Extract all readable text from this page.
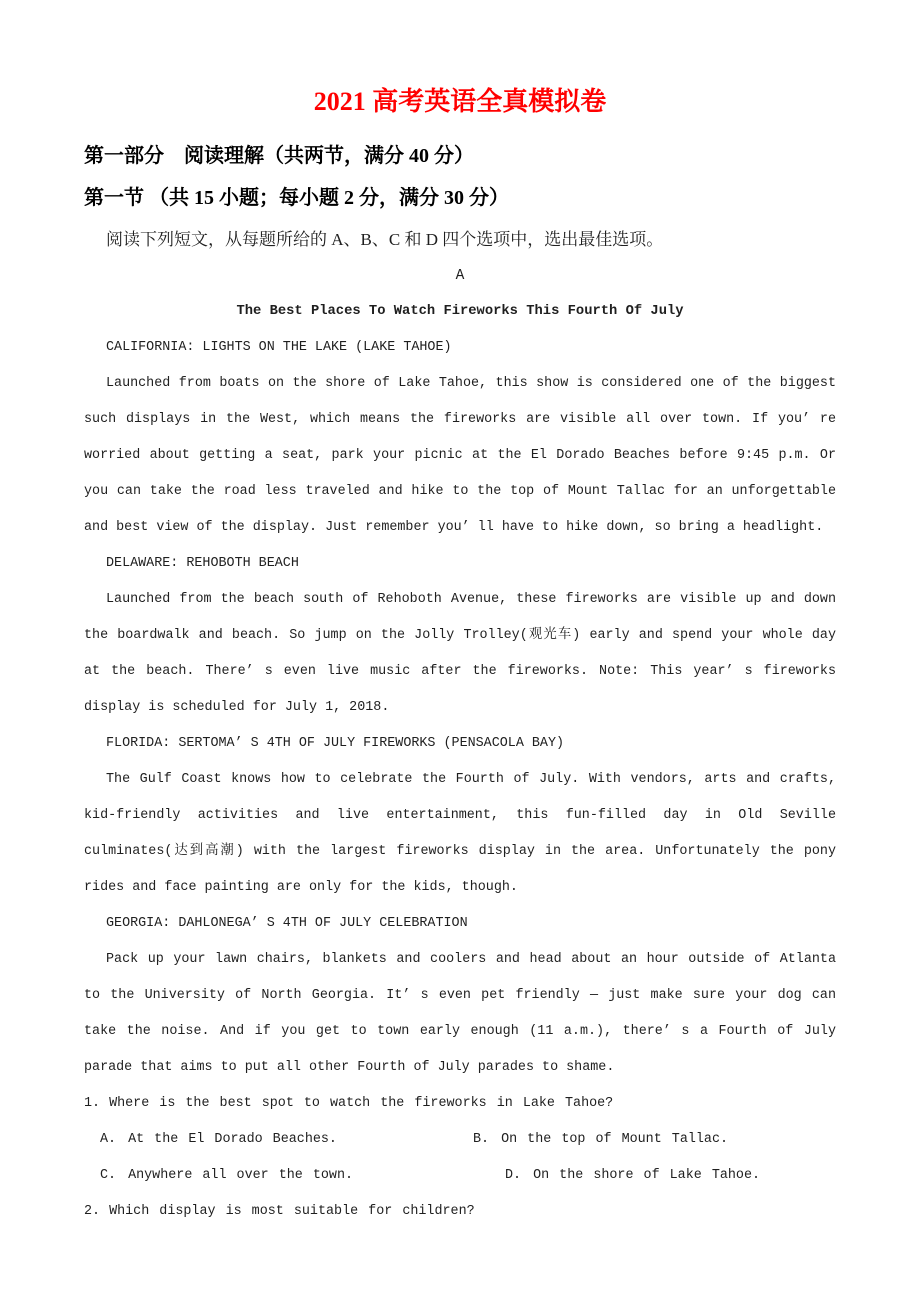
2021 高考英语全真模拟卷
第一部分　阅读理解（共两节，满分 40 分）
第一节 （共 15 小题；每小题 2 分，满分 30 分）
阅读下列短文，从每题所给的 A、B、C 和 D 四个选项中，选出最佳选项。
A
The Best Places To Watch Fireworks This Fourth Of July
CALIFORNIA: LIGHTS ON THE LAKE (LAKE TAHOE)
Launched from boats on the shore of Lake Tahoe, this show is considered one of the biggest such displays in the West, which means the fireworks are visible all over town. If you’ re worried about getting a seat, park your picnic at the El Dorado Beaches before 9:45 p.m. Or you can take the road less traveled and hike to the top of Mount Tallac for an unforgettable and best view of the display. Just remember you’ ll have to hike down, so bring a headlight.
DELAWARE: REHOBOTH BEACH
Launched from the beach south of Rehoboth Avenue, these fireworks are visible up and down the boardwalk and beach. So jump on the Jolly Trolley(观光车) early and spend your whole day at the beach. There’ s even live music after the fireworks. Note: This year’ s fireworks display is scheduled for July 1, 2018.
FLORIDA: SERTOMA’ S 4TH OF JULY FIREWORKS (PENSACOLA BAY)
The Gulf Coast knows how to celebrate the Fourth of July. With vendors, arts and crafts, kid-friendly activities and live entertainment, this fun-filled day in Old Seville culminates(达到高潮) with the largest fireworks display in the area. Unfortunately the pony rides and face painting are only for the kids, though.
GEORGIA: DAHLONEGA’ S 4TH OF JULY CELEBRATION
Pack up your lawn chairs, blankets and coolers and head about an hour outside of Atlanta to the University of North Georgia. It’ s even pet friendly — just make sure your dog can take the noise. And if you get to town early enough (11 a.m.), there’ s a Fourth of July parade that aims to put all other Fourth of July parades to shame.
1. Where is the best spot to watch the fireworks in Lake Tahoe?
A. At the El Dorado Beaches.	B. On the top of Mount Tallac.
C. Anywhere all over the town.	D. On the shore of Lake Tahoe.
2. Which display is most suitable for children?
